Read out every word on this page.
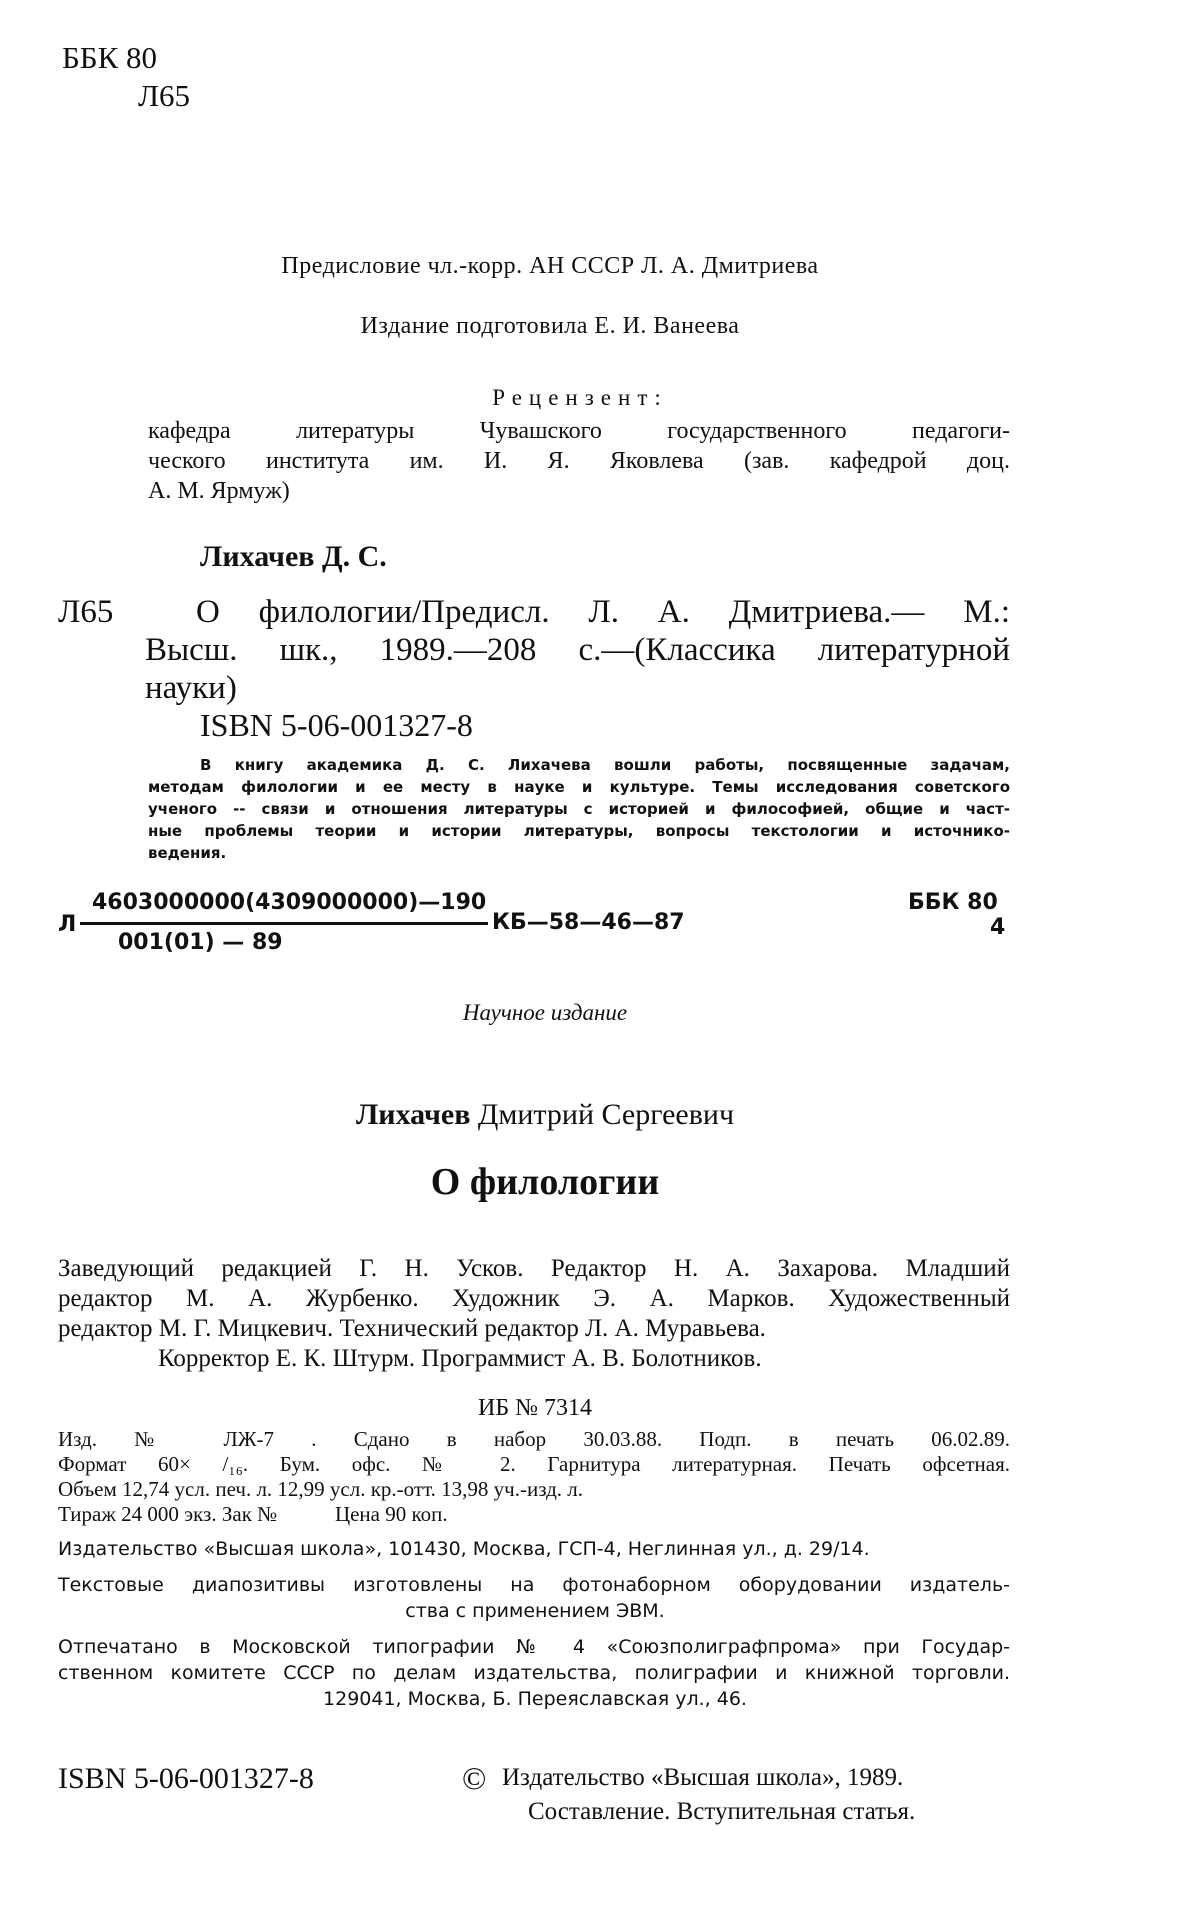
ББК 80
Л65
Предисловие чл.-корр. АН СССР Л. А. Дмитриева
Издание подготовила Е. И. Ванеева
Рецензент:
кафедра литературы Чувашского государственного педагоги-
ческого института им. И. Я. Яковлева (зав. кафедрой доц.
А. М. Ярмуж)
Лихачев Д. С.
Л65	О филологии/Предисл. Л. А. Дмитриева.— М.:
Высш. шк., 1989.—208 с.—(Классика литературной
науки)
ISBN 5-06-001327-8
В книгу академика Д. С. Лихачева вошли работы, посвященные задачам,
методам филологии и ее месту в науке и культуре. Темы исследования советского
ученого -- связи и отношения литературы с историей и философией, общие и част-
ные проблемы теории и истории литературы, вопросы текстологии и источнико-
ведения.
Л
4603000000(4309000000)—190
001(01) — 89
КБ—58—46—87
ББК 80
4
Научное издание
Лихачев Дмитрий Сергеевич
О филологии
Заведующий редакцией Г. Н. Усков. Редактор Н. А. Захарова. Младший
редактор М. А. Журбенко. Художник Э. А. Марков. Художественный
редактор М. Г. Мицкевич. Технический редактор Л. А. Муравьева.
Корректор Е. К. Штурм. Программист А. В. Болотников.
ИБ № 7314
Изд. № ЛЖ-7 . Сдано в набор 30.03.88. Подп. в печать 06.02.89.
Формат 60× /₁₆. Бум. офс. № 2. Гарнитура литературная. Печать офсетная.
Объем 12,74 усл. печ. л. 12,99 усл. кр.-отт. 13,98 уч.-изд. л.
Тираж 24 000 экз. Зак №           Цена 90 коп.
Издательство «Высшая школа», 101430, Москва, ГСП-4, Неглинная ул., д. 29/14.
Текстовые диапозитивы изготовлены на фотонаборном оборудовании издатель-
ства с применением ЭВМ.
Отпечатано в Московской типографии № 4 «Союзполиграфпрома» при Государ-
ственном комитете СССР по делам издательства, полиграфии и книжной торговли.
129041, Москва, Б. Переяславская ул., 46.
ISBN 5-06-001327-8	© Издательство «Высшая школа», 1989.
Составление. Вступительная статья.
